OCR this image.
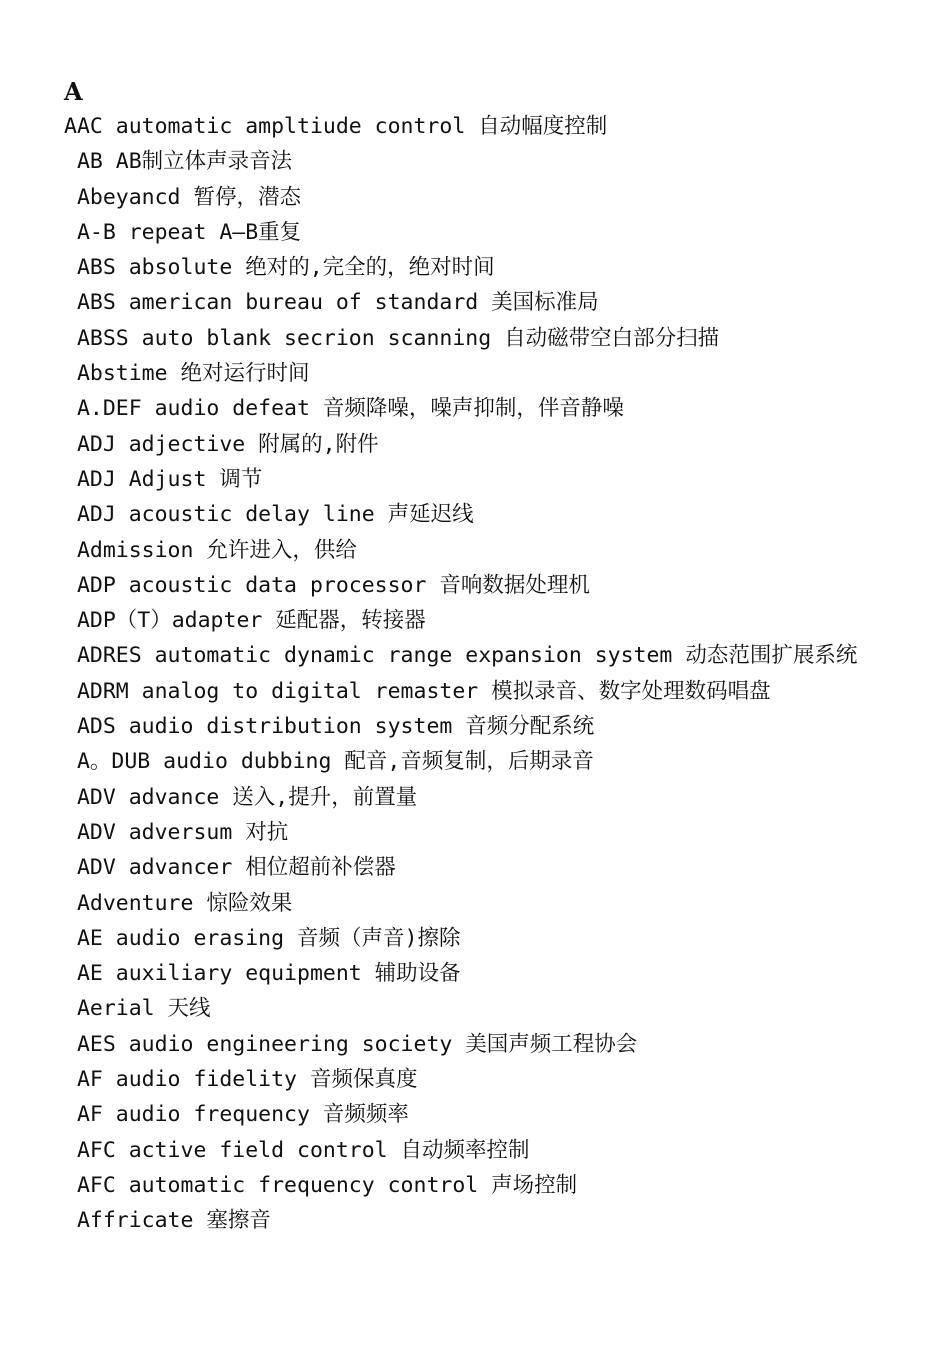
A
AAC automatic ampltiude control 自动幅度控制
AB AB制立体声录音法
Abeyancd 暂停，潜态
A-B repeat A—B重复
ABS absolute 绝对的,完全的，绝对时间
ABS american bureau of standard 美国标准局
ABSS auto blank secrion scanning 自动磁带空白部分扫描
Abstime 绝对运行时间
A.DEF audio defeat 音频降噪，噪声抑制，伴音静噪
ADJ adjective 附属的,附件
ADJ Adjust 调节
ADJ acoustic delay line 声延迟线
Admission 允许进入，供给
ADP acoustic data processor 音响数据处理机
ADP（T）adapter 延配器，转接器
ADRES automatic dynamic range expansion system 动态范围扩展系统
ADRM analog to digital remaster 模拟录音、数字处理数码唱盘
ADS audio distribution system 音频分配系统
A。DUB audio dubbing 配音,音频复制，后期录音
ADV advance 送入,提升，前置量
ADV adversum 对抗
ADV advancer 相位超前补偿器
Adventure 惊险效果
AE audio erasing 音频（声音)擦除
AE auxiliary equipment 辅助设备
Aerial 天线
AES audio engineering society 美国声频工程协会
AF audio fidelity 音频保真度
AF audio frequency 音频频率
AFC active field control 自动频率控制
AFC automatic frequency control 声场控制
Affricate 塞擦音
